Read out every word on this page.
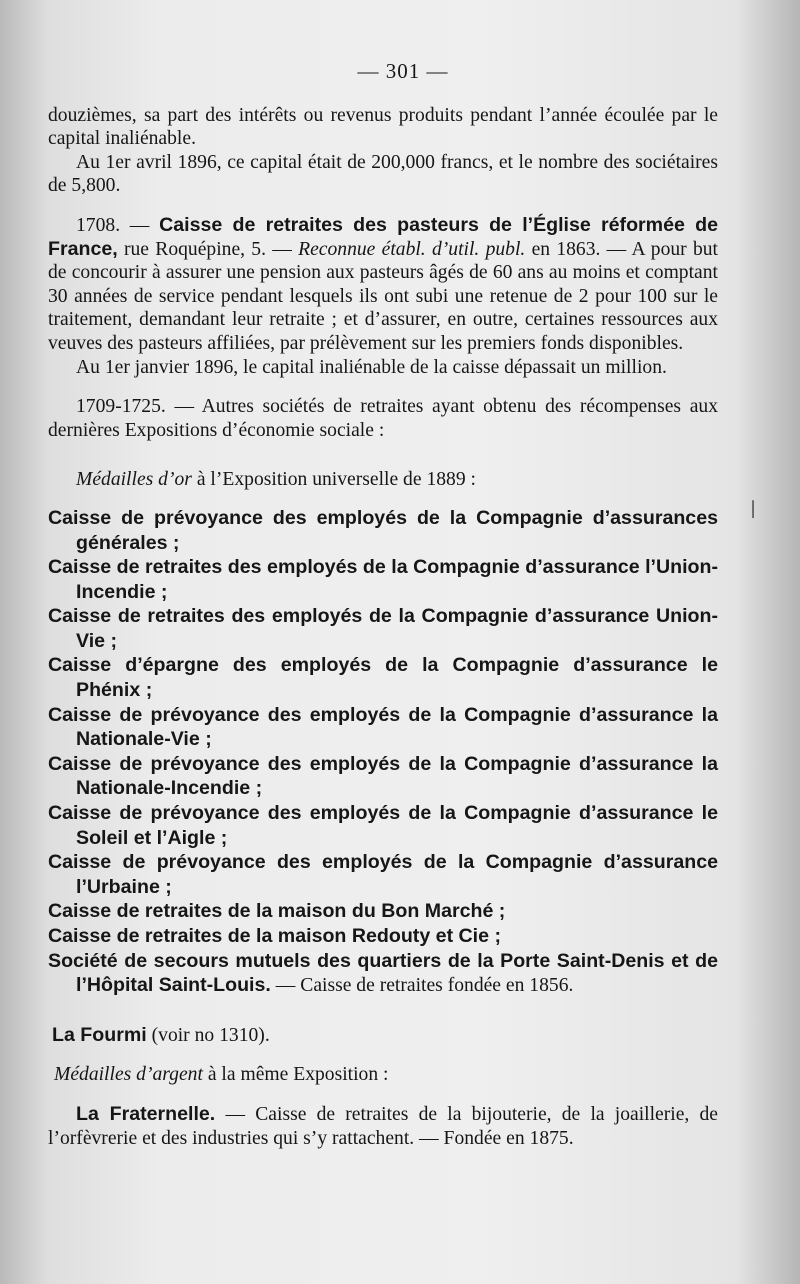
— 301 —

douzièmes, sa part des intérêts ou revenus produits pendant l’année écoulée par le capital inaliénable.

Au 1er avril 1896, ce capital était de 200,000 francs, et le nombre des sociétaires de 5,800.

1708. — Caisse de retraites des pasteurs de l’Église réformée de France, rue Roquépine, 5. — Reconnue établ. d’util. publ. en 1863. — A pour but de concourir à assurer une pension aux pasteurs âgés de 60 ans au moins et comptant 30 années de service pendant lesquels ils ont subi une retenue de 2 pour 100 sur le traitement, demandant leur retraite ; et d’assurer, en outre, certaines ressources aux veuves des pasteurs affiliées, par prélèvement sur les premiers fonds disponibles.

Au 1er janvier 1896, le capital inaliénable de la caisse dépassait un million.

1709-1725. — Autres sociétés de retraites ayant obtenu des récompenses aux dernières Expositions d’économie sociale :

Médailles d’or à l’Exposition universelle de 1889 :

Caisse de prévoyance des employés de la Compagnie d’assurances générales ;

Caisse de retraites des employés de la Compagnie d’assurance l’Union-Incendie ;

Caisse de retraites des employés de la Compagnie d’assurance Union-Vie ;

Caisse d’épargne des employés de la Compagnie d’assurance le Phénix ;

Caisse de prévoyance des employés de la Compagnie d’assurance la Nationale-Vie ;

Caisse de prévoyance des employés de la Compagnie d’assurance la Nationale-Incendie ;

Caisse de prévoyance des employés de la Compagnie d’assurance le Soleil et l’Aigle ;

Caisse de prévoyance des employés de la Compagnie d’assurance l’Urbaine ;

Caisse de retraites de la maison du Bon Marché ;

Caisse de retraites de la maison Redouty et Cie ;

Société de secours mutuels des quartiers de la Porte Saint-Denis et de l’Hôpital Saint-Louis. — Caisse de retraites fondée en 1856.

La Fourmi (voir no 1310).

Médailles d’argent à la même Exposition :

La Fraternelle. — Caisse de retraites de la bijouterie, de la joaillerie, de l’orfèvrerie et des industries qui s’y rattachent. — Fondée en 1875.

|
